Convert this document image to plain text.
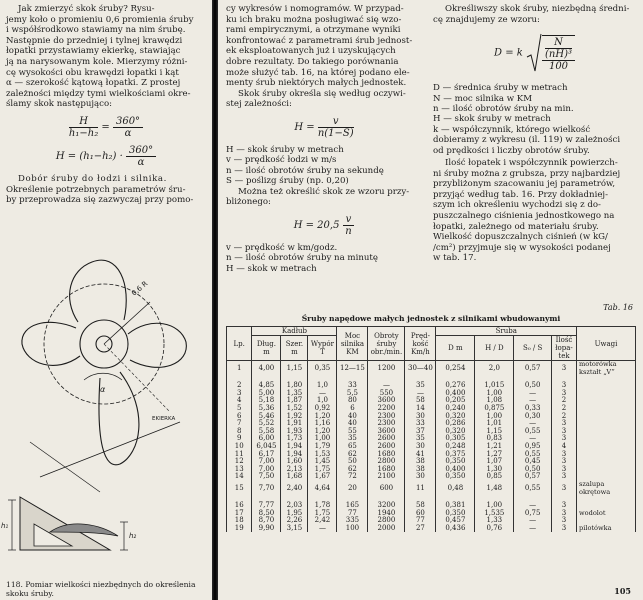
Jak zmierzyć skok śruby? Rysu-
jemy koło o promieniu 0,6 promienia śruby
i współśrodkowo stawiamy na nim śrubę.
Następnie do przedniej i tylnej krawędzi
łopatki przystawiamy ekierkę, stawiając
ją na narysowanym kole. Mierzymy różni-
cę wysokości obu krawędzi łopatki i kąt
α — szerokość kątową łopatki. Z prostej
zależności między tymi wielkościami okre-
ślamy skok następująco:

$\frac{H}{\text{h₁−h₂}} = \frac{360^\circ}{\alpha}$
$H = (h_1-h_2) \cdot \frac{360^\circ}{\alpha}$

Dobór śruby do łodzi i silnika.
Określenie potrzebnych parametrów śru-
by przeprowadza się zazwyczaj przy pomo-

0,6 R
EKIERKA
α
h₁
h₂
118. Pomiar wielkości niezbędnych do określenia
skoku śruby.

cy wykresów i nomogramów. W przypad-
ku ich braku można posługiwać się wzo-
rami empirycznymi, a otrzymane wyniki
konfrontować z parametrami śrub jednost-
ek eksploatowanych już i uzyskujących
dobre rezultaty. Do takiego porównania
może służyć tab. 16, na której podano ele-
menty śrub niektórych małych jednostek.

Skok śruby określa się według oczywi-
stej zależności:

$H = \frac{v}{n(1-S)}$
H — skok śruby w metrach
v — prędkość łodzi w m/s
n — ilość obrotów śruby na sekundę
S — poślizg śruby (np. 0,20)

Można też określić skok ze wzoru przy-
bliżonego:

$H = 20,5 \frac{v}{n}$
v — prędkość w km/godz.
n — ilość obrotów śruby na minutę
H — skok w metrach

Określiwszy skok śruby, niezbędną średni-
cę znajdujemy ze wzoru:

D = k $\frac{\frac{N}{\text{(nH)³}}}{100}$
D — średnica śruby w metrach
N — moc silnika w KM
n — ilość obrotów śruby na min.
H — skok śruby w metrach
k — współczynnik, którego wielkość
dobieramy z wykresu (il. 119) w zależności
od prędkości i liczby obrotów śruby.

Ilość łopatek i współczynnik powierzch-
ni śruby można z grubsza, przy najbardziej
przybliżonym szacowaniu jej parametrów,
przyjąć według tab. 16. Przy dokładniej-
szym ich określeniu wychodzi się z do-
puszczalnego ciśnienia jednostkowego na
łopatki, zależnego od materiału śruby.
Wielkość dopuszczalnych ciśnień (w kG/
/cm²) przyjmuje się w wysokości podanej
w tab. 17.

Tab. 16
Śruby napędowe małych jednostek z silnikami wbudowanymi
Lp.	Kadłub			Moc silnika KM	Obroty śruby obr./min.	Pręd-kość Km/h	Śruba				Uwagi
	Dług. m	Szer. m	Wypór T				D m	H / D	S₀ / S	Ilość łopa-tek	
1	4,00	1,15	0,35	12—15	1200	30—40	0,254	2,0	0,57	3	motorówka kształt „V”

2	4,85	1,80	1,0	33	—	35	0,276	1,015	0,50	3	
3	5,00	1,35	—	5,5	550	—	0,400	1,00	—	3	
4	5,18	1,87	1,0	80	3600	58	0,205	1,08	—	2	
5	5,36	1,52	0,92	6	2200	14	0,240	0,875	0,33	2	
6	5,46	1,92	1,20	40	2300	30	0,320	1,00	0,30	2	
7	5,52	1,91	1,16	40	2300	33	0,286	1,01	—	3	
8	5,58	1,93	1,20	55	3600	37	0,320	1,15	0,55	3	
9	6,00	1,73	1,00	35	2600	35	0,305	0,83	—	3	
10	6,045	1,94	1,79	65	2600	30	0,248	1,21	0,95	4	
11	6,17	1,94	1,53	62	1680	41	0,375	1,27	0,55	3	
12	7,00	1,60	1,45	50	2800	38	0,350	1,07	0,45	3	
13	7,00	2,13	1,75	62	1680	38	0,400	1,30	0,50	3	
14	7,50	1,68	1,67	72	2100	30	0,350	0,85	0,57	3	
15	7,70	2,40	4,64	20	600	11	0,48	1,48	0,55	3	szalupa okrętowa

16	7,77	2,03	1,78	165	3200	58	0,381	1,00	—	3	
17	8,50	1,95	1,75	77	1940	60	0,350	1,535	0,75	3	wodolot
18	8,70	2,26	2,42	335	2800	77	0,457	1,33	—	3	
19	9,90	3,15	—	100	2000	27	0,436	0,76	—	3	pilotówka
105
